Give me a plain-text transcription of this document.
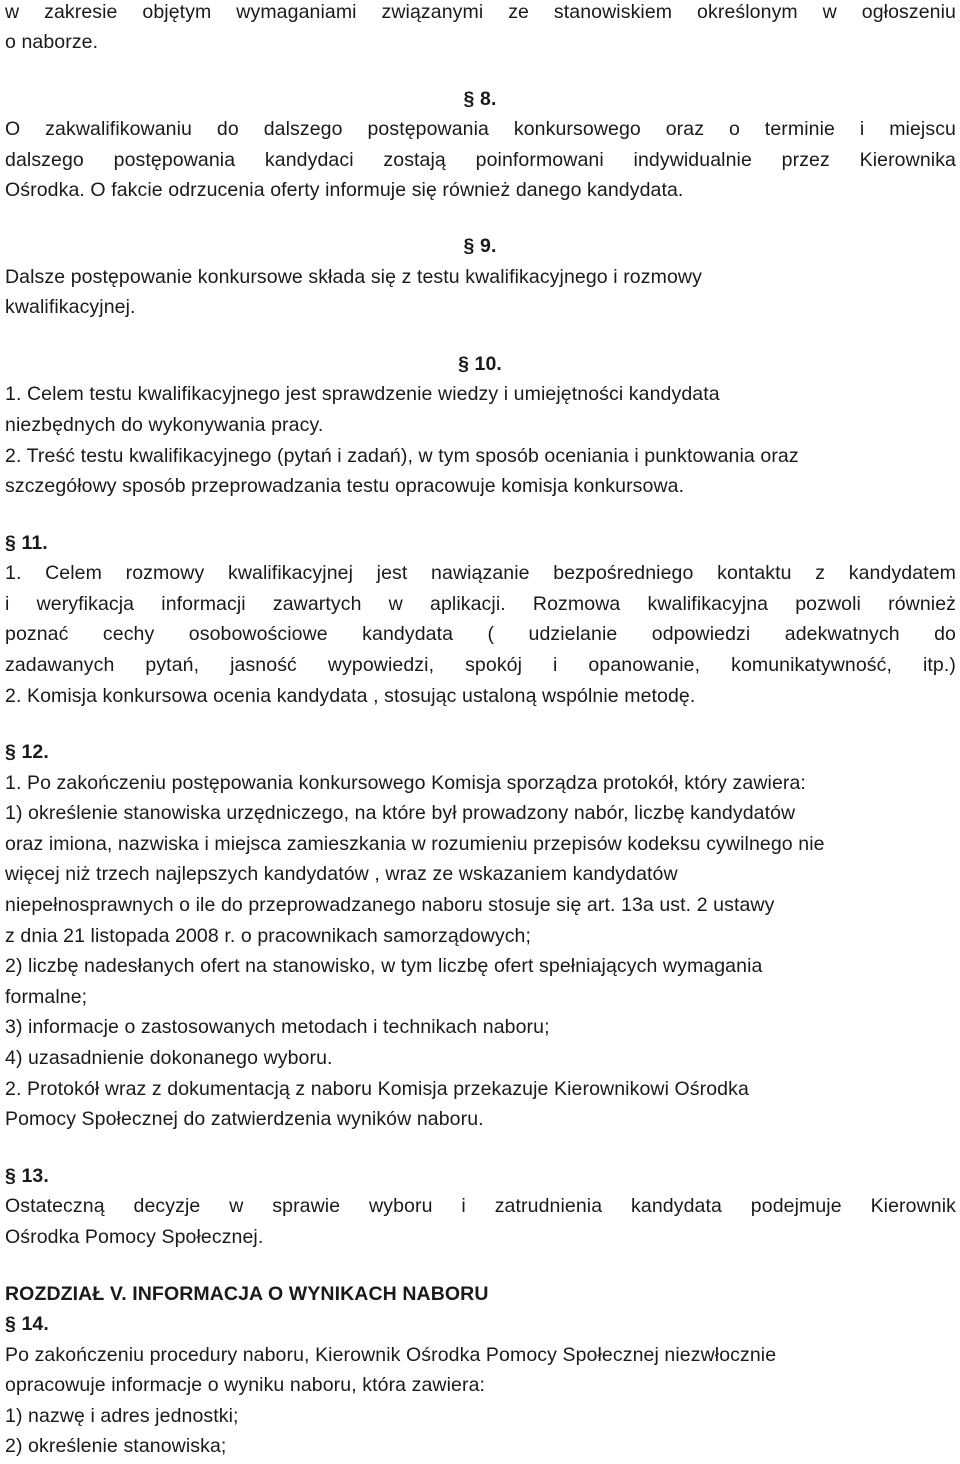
w zakresie objętym wymaganiami związanymi ze stanowiskiem określonym w ogłoszeniu
o naborze.
§ 8.
O zakwalifikowaniu do dalszego postępowania konkursowego oraz o terminie i miejscu
dalszego postępowania kandydaci zostają poinformowani indywidualnie przez Kierownika
Ośrodka. O fakcie odrzucenia oferty informuje się również danego kandydata.
§ 9.
Dalsze postępowanie konkursowe składa się z testu kwalifikacyjnego i rozmowy
kwalifikacyjnej.
§ 10.
1. Celem testu kwalifikacyjnego jest sprawdzenie wiedzy i umiejętności kandydata
niezbędnych do wykonywania pracy.
2. Treść testu kwalifikacyjnego (pytań i zadań), w tym sposób oceniania i punktowania oraz
szczegółowy sposób przeprowadzania testu opracowuje komisja konkursowa.
§ 11.
1. Celem rozmowy kwalifikacyjnej jest nawiązanie bezpośredniego kontaktu z kandydatem
i weryfikacja informacji zawartych w aplikacji. Rozmowa kwalifikacyjna pozwoli również
poznać cechy osobowościowe kandydata ( udzielanie odpowiedzi adekwatnych do
zadawanych pytań, jasność wypowiedzi, spokój i opanowanie, komunikatywność, itp.)
2. Komisja konkursowa ocenia kandydata , stosując ustaloną wspólnie metodę.
§ 12.
1. Po zakończeniu postępowania konkursowego Komisja sporządza protokół, który zawiera:
1) określenie stanowiska urzędniczego, na które był prowadzony nabór, liczbę kandydatów
oraz imiona, nazwiska i miejsca zamieszkania w rozumieniu przepisów kodeksu cywilnego nie
więcej niż trzech najlepszych kandydatów , wraz ze wskazaniem kandydatów
niepełnosprawnych o ile do przeprowadzanego naboru stosuje się art. 13a ust. 2 ustawy
z dnia 21 listopada 2008 r. o pracownikach samorządowych;
2) liczbę nadesłanych ofert na stanowisko, w tym liczbę ofert spełniających wymagania
formalne;
3) informacje o zastosowanych metodach i technikach naboru;
4) uzasadnienie dokonanego wyboru.
2. Protokół wraz z dokumentacją z naboru Komisja przekazuje Kierownikowi Ośrodka
Pomocy Społecznej do zatwierdzenia wyników naboru.
§ 13.
Ostateczną decyzje w sprawie wyboru i zatrudnienia kandydata podejmuje Kierownik
Ośrodka Pomocy Społecznej.
ROZDZIAŁ V. INFORMACJA O WYNIKACH NABORU
§ 14.
Po zakończeniu procedury naboru, Kierownik Ośrodka Pomocy Społecznej niezwłocznie
opracowuje informacje o wyniku naboru, która zawiera:
1) nazwę i adres jednostki;
2) określenie stanowiska;
